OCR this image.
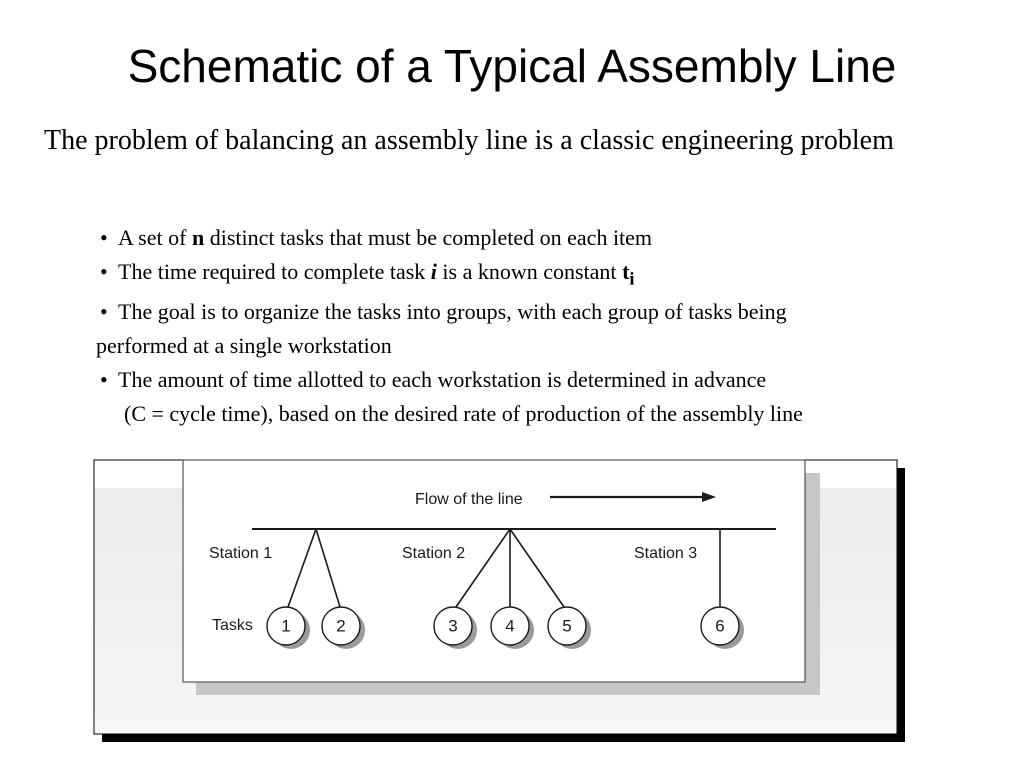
Schematic of a Typical Assembly Line

The problem of balancing an assembly line is a classic engineering problem

• A set of n distinct tasks that must be completed on each item
• The time required to complete task i is a known constant $t_i$
• The goal is to organize the tasks into groups, with each group of tasks being
performed at a single workstation
• The amount of time allotted to each workstation is determined in advance
(C = cycle time), based on the desired rate of production of the assembly line
Flow of the line
Station 1	Station 2	Station 3
Tasks 1	2	3	4	5	6
